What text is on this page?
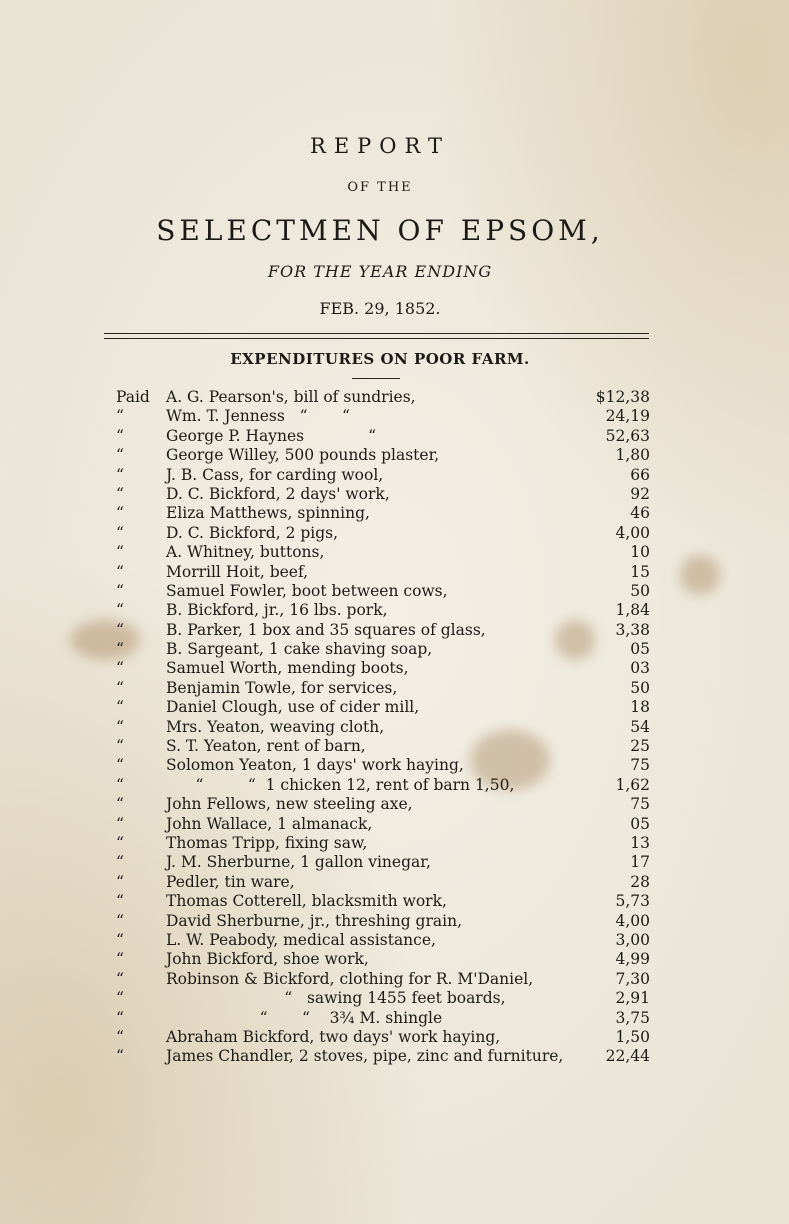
REPORT
OF THE
SELECTMEN OF EPSOM,
FOR THE YEAR ENDING
FEB. 29, 1852.
EXPENDITURES ON POOR FARM.
Paid	A. G. Pearson's, bill of sundries,	$12,38
“	Wm. T. Jenness   “       “	24,19
“	George P. Haynes             “	52,63
“	George Willey, 500 pounds plaster,	1,80
“	J. B. Cass, for carding wool,	66
“	D. C. Bickford, 2 days' work,	92
“	Eliza Matthews, spinning,	46
“	D. C. Bickford, 2 pigs,	4,00
“	A. Whitney, buttons,	10
“	Morrill Hoit, beef,	15
“	Samuel Fowler, boot between cows,	50
“	B. Bickford, jr., 16 lbs. pork,	1,84
“	B. Parker, 1 box and 35 squares of glass,	3,38
“	B. Sargeant, 1 cake shaving soap,	05
“	Samuel Worth, mending boots,	03
“	Benjamin Towle, for services,	50
“	Daniel Clough, use of cider mill,	18
“	Mrs. Yeaton, weaving cloth,	54
“	S. T. Yeaton, rent of barn,	25
“	Solomon Yeaton, 1 days' work haying,	75
“	“         “  1 chicken 12, rent of barn 1,50,	1,62
“	John Fellows, new steeling axe,	75
“	John Wallace, 1 almanack,	05
“	Thomas Tripp, fixing saw,	13
“	J. M. Sherburne, 1 gallon vinegar,	17
“	Pedler, tin ware,	28
“	Thomas Cotterell, blacksmith work,	5,73
“	David Sherburne, jr., threshing grain,	4,00
“	L. W. Peabody, medical assistance,	3,00
“	John Bickford, shoe work,	4,99
“	Robinson & Bickford, clothing for R. M'Daniel,	7,30
“	“   sawing 1455 feet boards,	2,91
“	“       “    3¾ M. shingle	3,75
“	Abraham Bickford, two days' work haying,	1,50
“	James Chandler, 2 stoves, pipe, zinc and furniture,	22,44
